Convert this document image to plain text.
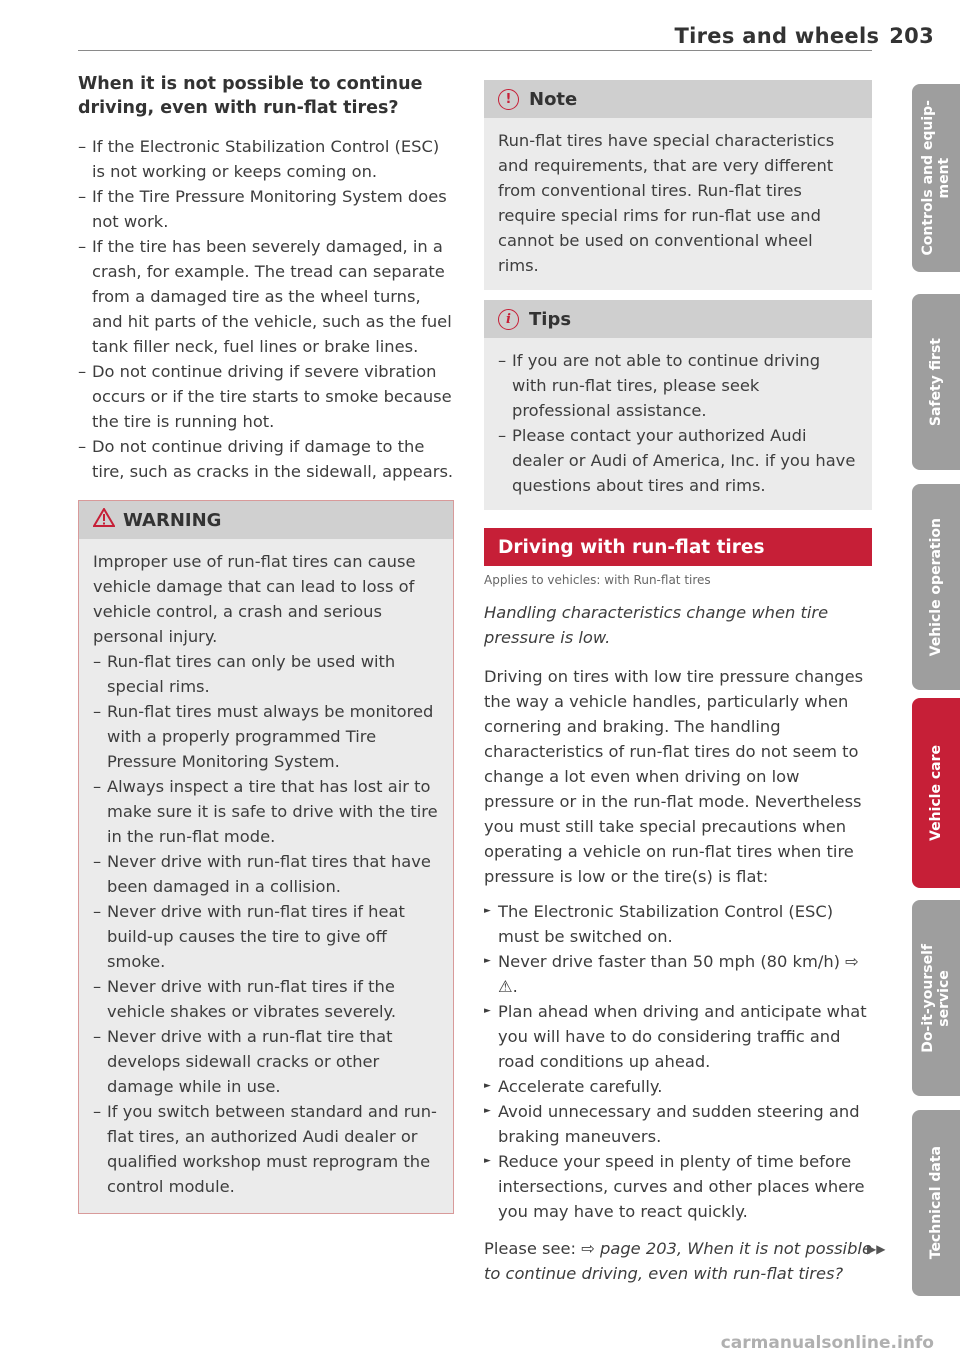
Tires and wheels 203
When it is not possible to continue driving, even with run-flat tires?
– If the Electronic Stabilization Control (ESC) is not working or keeps coming on.
– If the Tire Pressure Monitoring System does not work.
– If the tire has been severely damaged, in a crash, for example. The tread can separate from a damaged tire as the wheel turns, and hit parts of the vehicle, such as the fuel tank filler neck, fuel lines or brake lines.
– Do not continue driving if severe vibration occurs or if the tire starts to smoke because the tire is running hot.
– Do not continue driving if damage to the tire, such as cracks in the sidewall, appears.
WARNING

Improper use of run-flat tires can cause vehicle damage that can lead to loss of vehicle control, a crash and serious personal injury.

– Run-flat tires can only be used with special rims.
– Run-flat tires must always be monitored with a properly programmed Tire Pressure Monitoring System.
– Always inspect a tire that has lost air to make sure it is safe to drive with the tire in the run-flat mode.
– Never drive with run-flat tires that have been damaged in a collision.
– Never drive with run-flat tires if heat build-up causes the tire to give off smoke.
– Never drive with run-flat tires if the vehicle shakes or vibrates severely.
– Never drive with a run-flat tire that develops sidewall cracks or other damage while in use.
– If you switch between standard and run-flat tires, an authorized Audi dealer or qualified workshop must reprogram the control module.
! Note
Run-flat tires have special characteristics and requirements, that are very different from conventional tires. Run-flat tires require special rims for run-flat use and cannot be used on conventional wheel rims.
i	Tips
– If you are not able to continue driving with run-flat tires, please seek professional assistance.
– Please contact your authorized Audi dealer or Audi of America, Inc. if you have questions about tires and rims.
Driving with run-flat tires
Applies to vehicles: with Run-flat tires

Handling characteristics change when tire pressure is low.

Driving on tires with low tire pressure changes the way a vehicle handles, particularly when cornering and braking. The handling characteristics of run-flat tires do not seem to change a lot even when driving on low pressure or in the run-flat mode. Nevertheless you must still take special precautions when operating a vehicle on run-flat tires when tire pressure is low or the tire(s) is flat:

► The Electronic Stabilization Control (ESC) must be switched on.
► Never drive faster than 50 mph (80 km/h) ⇨ ⚠.
► Plan ahead when driving and anticipate what you will have to do considering traffic and road conditions up ahead.
► Accelerate carefully.
► Avoid unnecessary and sudden steering and braking maneuvers.
► Reduce your speed in plenty of time before intersections, curves and other places where you may have to react quickly.

Please see: ⇨ page 203, When it is not possible to continue driving, even with run-flat tires?

▶▶
Controls and equip-
ment
Safety first
Vehicle operation
Vehicle care
Do-it-yourself
service
Technical data
carmanualsonline.info
